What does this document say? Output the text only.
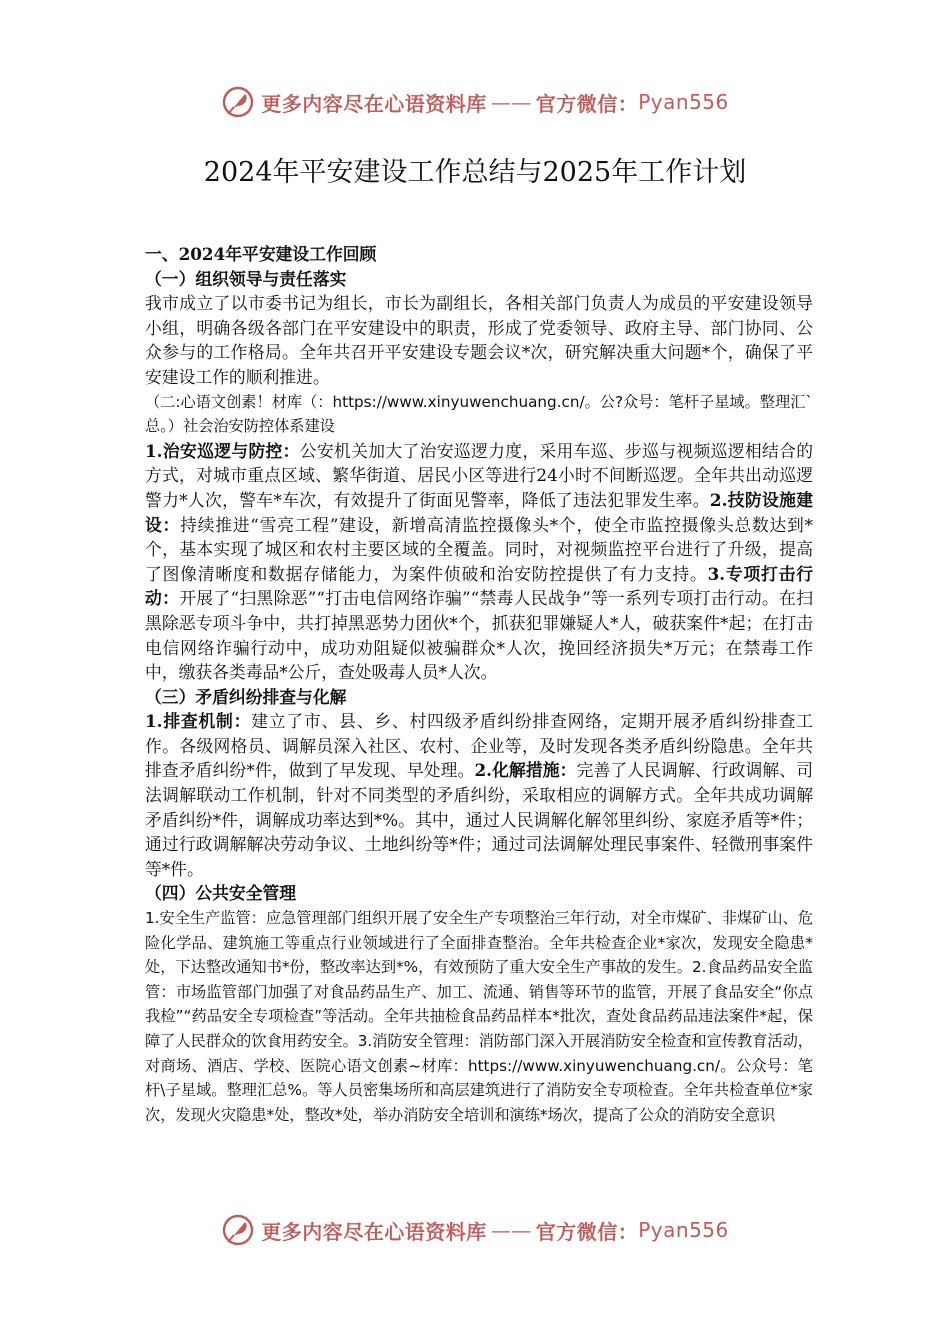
更多内容尽在心语资料库 —— 官方微信： Pyan556
2024年平安建设工作总结与2025年工作计划

一、2024年平安建设工作回顾

（一）组织领导与责任落实

我市成立了以市委书记为组长，市长为副组长，各相关部门负责人为成员的平安建设领导小组，明确各级各部门在平安建设中的职责，形成了党委领导、政府主导、部门协同、公众参与的工作格局。全年共召开平安建设专题会议*次，研究解决重大问题*个，确保了平安建设工作的顺利推进。

（二:心语文创素！材库（：https://www.xinyuwenchuang.cn/。公?众号：笔杆子星域。整理汇`总。）社会治安防控体系建设

1.治安巡逻与防控：公安机关加大了治安巡逻力度，采用车巡、步巡与视频巡逻相结合的方式，对城市重点区域、繁华街道、居民小区等进行24小时不间断巡逻。全年共出动巡逻警力*人次，警车*车次，有效提升了街面见警率，降低了违法犯罪发生率。2.技防设施建设：持续推进“雪亮工程”建设，新增高清监控摄像头*个，使全市监控摄像头总数达到*个，基本实现了城区和农村主要区域的全覆盖。同时，对视频监控平台进行了升级，提高了图像清晰度和数据存储能力，为案件侦破和治安防控提供了有力支持。3.专项打击行动：开展了“扫黑除恶”“打击电信网络诈骗”“禁毒人民战争”等一系列专项打击行动。在扫黑除恶专项斗争中，共打掉黑恶势力团伙*个，抓获犯罪嫌疑人*人，破获案件*起；在打击电信网络诈骗行动中，成功劝阻疑似被骗群众*人次，挽回经济损失*万元；在禁毒工作中，缴获各类毒品*公斤，查处吸毒人员*人次。

（三）矛盾纠纷排查与化解

1.排查机制：建立了市、县、乡、村四级矛盾纠纷排查网络，定期开展矛盾纠纷排查工作。各级网格员、调解员深入社区、农村、企业等，及时发现各类矛盾纠纷隐患。全年共排查矛盾纠纷*件，做到了早发现、早处理。2.化解措施：完善了人民调解、行政调解、司法调解联动工作机制，针对不同类型的矛盾纠纷，采取相应的调解方式。全年共成功调解矛盾纠纷*件，调解成功率达到*%。其中，通过人民调解化解邻里纠纷、家庭矛盾等*件；通过行政调解解决劳动争议、土地纠纷等*件；通过司法调解处理民事案件、轻微刑事案件等*件。

（四）公共安全管理

1.安全生产监管：应急管理部门组织开展了安全生产专项整治三年行动，对全市煤矿、非煤矿山、危险化学品、建筑施工等重点行业领域进行了全面排查整治。全年共检查企业*家次，发现安全隐患*处，下达整改通知书*份，整改率达到*%，有效预防了重大安全生产事故的发生。2.食品药品安全监管：市场监管部门加强了对食品药品生产、加工、流通、销售等环节的监管，开展了食品安全“你点我检”“药品安全专项检查”等活动。全年共抽检食品药品样本*批次，查处食品药品违法案件*起，保障了人民群众的饮食用药安全。3.消防安全管理：消防部门深入开展消防安全检查和宣传教育活动，对商场、酒店、学校、医院心语文创素~材库：https://www.xinyuwenchuang.cn/。公众号：笔杆\子星域。整理汇总%。等人员密集场所和高层建筑进行了消防安全专项检查。全年共检查单位*家次，发现火灾隐患*处，整改*处，举办消防安全培训和演练*场次，提高了公众的消防安全意识

更多内容尽在心语资料库 —— 官方微信： Pyan556
